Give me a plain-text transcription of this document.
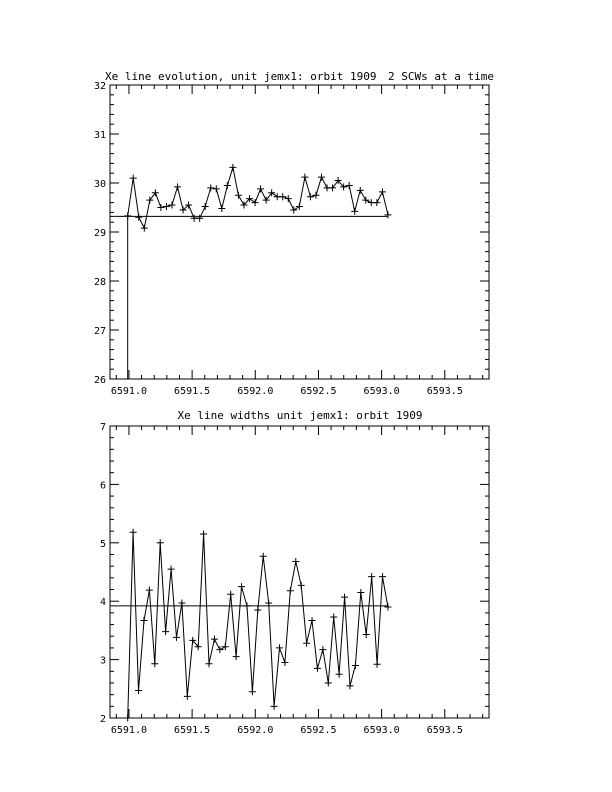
Xe line evolution, unit jemx1: orbit 1909 2 SCWs at a time
6591.0	6591.5	6592.0	6592.5	6593.0	6593.5
26
27
28
29
30
31
32
Xe line widths unit jemx1: orbit 1909
6591.0	6591.5	6592.0	6592.5	6593.0	6593.5
2
3
4
5
6
7
